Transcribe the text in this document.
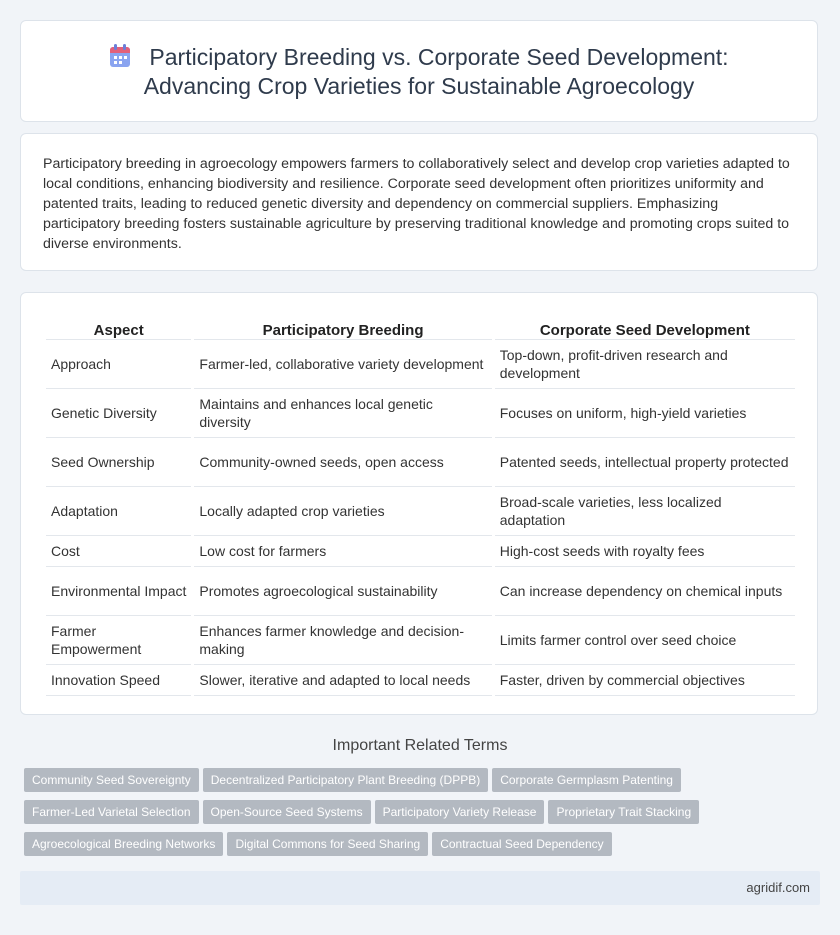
Participatory Breeding vs. Corporate Seed Development:
Advancing Crop Varieties for Sustainable Agroecology

Participatory breeding in agroecology empowers farmers to collaboratively select and develop crop varieties adapted to local conditions, enhancing biodiversity and resilience. Corporate seed development often prioritizes uniformity and patented traits, leading to reduced genetic diversity and dependency on commercial suppliers. Emphasizing participatory breeding fosters sustainable agriculture by preserving traditional knowledge and promoting crops suited to diverse environments.

Aspect	Participatory Breeding	Corporate Seed Development
Approach	Farmer-led, collaborative variety development	Top-down, profit-driven research and development
Genetic Diversity	Maintains and enhances local genetic diversity	Focuses on uniform, high-yield varieties
Seed Ownership	Community-owned seeds, open access	Patented seeds, intellectual property protected
Adaptation	Locally adapted crop varieties	Broad-scale varieties, less localized adaptation
Cost	Low cost for farmers	High-cost seeds with royalty fees
Environmental Impact	Promotes agroecological sustainability	Can increase dependency on chemical inputs
Farmer Empowerment	Enhances farmer knowledge and decision-making	Limits farmer control over seed choice
Innovation Speed	Slower, iterative and adapted to local needs	Faster, driven by commercial objectives
Important Related Terms
Community Seed Sovereignty Decentralized Participatory Plant Breeding (DPPB) Corporate Germplasm Patenting
Farmer-Led Varietal Selection Open-Source Seed Systems Participatory Variety Release Proprietary Trait Stacking
Agroecological Breeding Networks Digital Commons for Seed Sharing Contractual Seed Dependency
agridif.com
